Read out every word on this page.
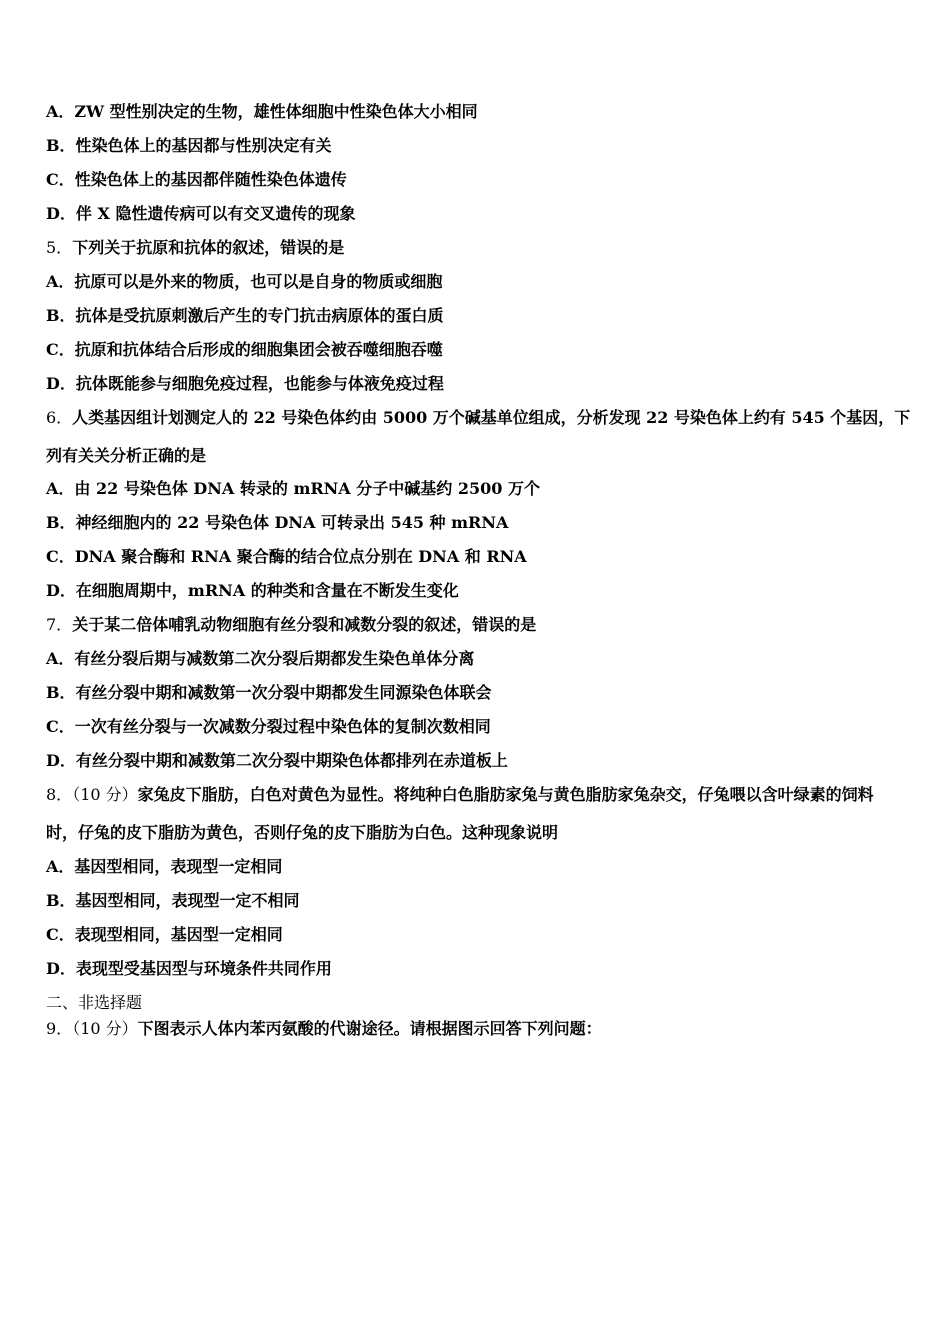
A．ZW 型性别决定的生物，雄性体细胞中性染色体大小相同
B．性染色体上的基因都与性别决定有关
C．性染色体上的基因都伴随性染色体遗传
D．伴 X 隐性遗传病可以有交叉遗传的现象
5．下列关于抗原和抗体的叙述，错误的是
A．抗原可以是外来的物质，也可以是自身的物质或细胞
B．抗体是受抗原刺激后产生的专门抗击病原体的蛋白质
C．抗原和抗体结合后形成的细胞集团会被吞噬细胞吞噬
D．抗体既能参与细胞免疫过程，也能参与体液免疫过程
6．人类基因组计划测定人的 22 号染色体约由 5000 万个碱基单位组成，分析发现 22 号染色体上约有 545 个基因，下
列有关关分析正确的是
A．由 22 号染色体 DNA 转录的 mRNA 分子中碱基约 2500 万个
B．神经细胞内的 22 号染色体 DNA 可转录出 545 种 mRNA
C．DNA 聚合酶和 RNA 聚合酶的结合位点分别在 DNA 和 RNA
D．在细胞周期中，mRNA 的种类和含量在不断发生变化
7．关于某二倍体哺乳动物细胞有丝分裂和减数分裂的叙述，错误的是
A．有丝分裂后期与减数第二次分裂后期都发生染色单体分离
B．有丝分裂中期和减数第一次分裂中期都发生同源染色体联会
C．一次有丝分裂与一次减数分裂过程中染色体的复制次数相同
D．有丝分裂中期和减数第二次分裂中期染色体都排列在赤道板上
8．（10 分）家兔皮下脂肪，白色对黄色为显性。将纯种白色脂肪家兔与黄色脂肪家兔杂交，仔兔喂以含叶绿素的饲料
时，仔兔的皮下脂肪为黄色，否则仔兔的皮下脂肪为白色。这种现象说明
A．基因型相同，表现型一定相同
B．基因型相同，表现型一定不相同
C．表现型相同，基因型一定相同
D．表现型受基因型与环境条件共同作用
二、非选择题
9．（10 分）下图表示人体内苯丙氨酸的代谢途径。请根据图示回答下列问题：
